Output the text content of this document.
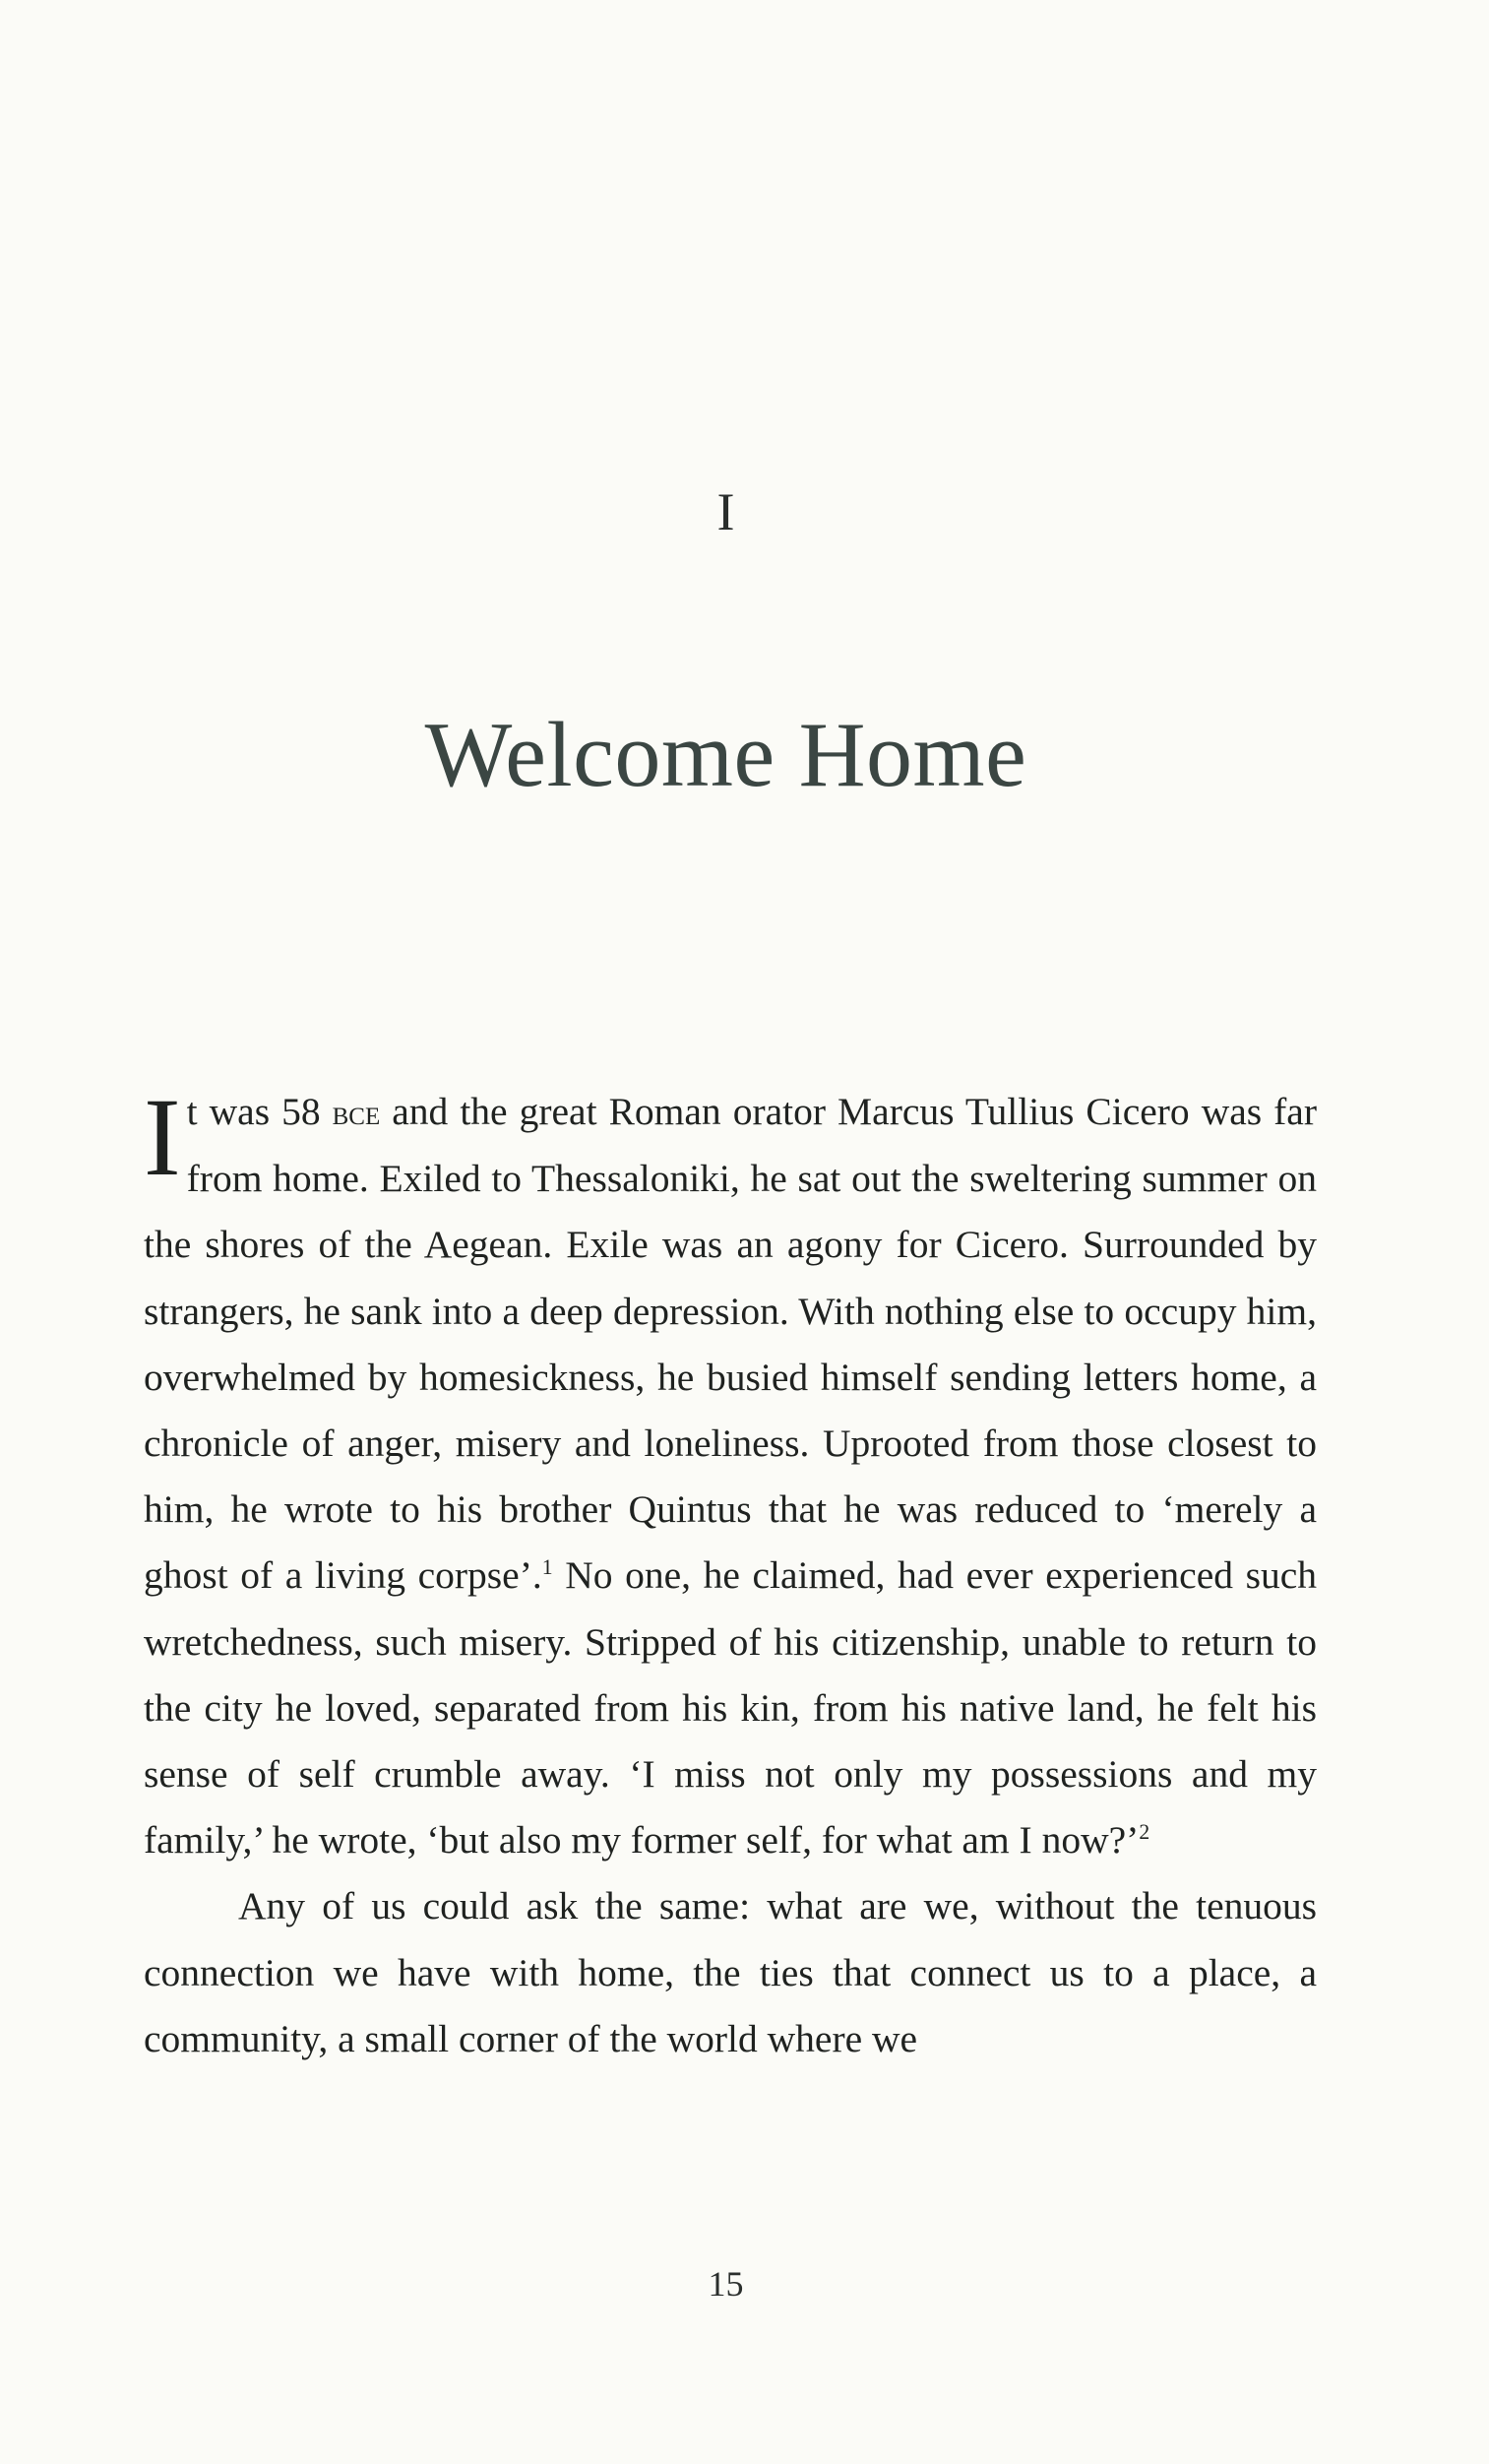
I
Welcome Home

It was 58 bce and the great Roman orator Marcus Tullius Cicero was far from home. Exiled to Thessaloniki, he sat out the sweltering summer on the shores of the Aegean. Exile was an agony for Cicero. Surrounded by strangers, he sank into a deep depression. With nothing else to occupy him, overwhelmed by homesickness, he busied himself sending letters home, a chronicle of anger, misery and loneliness. Uprooted from those closest to him, he wrote to his brother Quintus that he was reduced to ‘merely a ghost of a living corpse’.$^1$ No one, he claimed, had ever experienced such wretchedness, such misery. Stripped of his citizenship, unable to return to the city he loved, separated from his kin, from his native land, he felt his sense of self crumble away. ‘I miss not only my possessions and my family,’ he wrote, ‘but also my former self, for what am I now?’$^2$

Any of us could ask the same: what are we, without the tenuous connection we have with home, the ties that connect us to a place, a community, a small corner of the world where we

15
